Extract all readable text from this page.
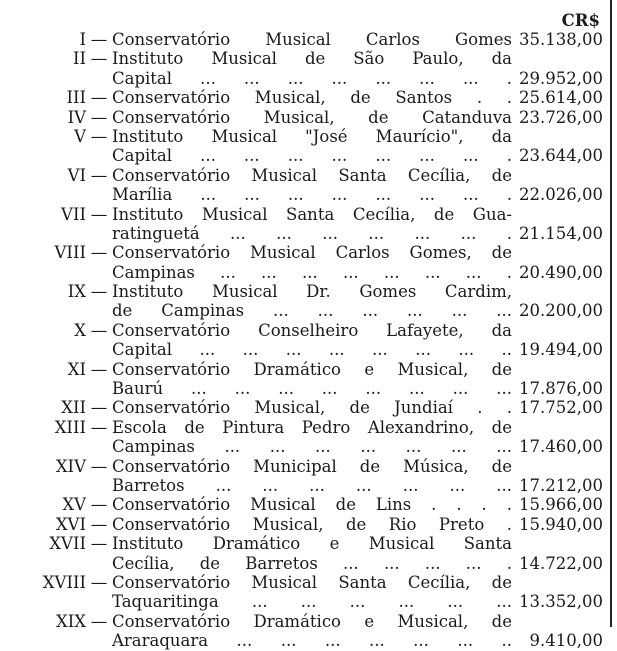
CR$
I — Conservatório Musical Carlos Gomes 35.138,00
II — Instituto Musical de São Paulo, da
Capital ... ... ... ... ... ... ... . 29.952,00
III — Conservatório Musical, de Santos . . 25.614,00
IV — Conservatório Musical, de Catanduva 23.726,00
V — Instituto Musical "José Maurício", da
Capital ... ... ... ... ... ... ... . 23.644,00
VI — Conservatório Musical Santa Cecília, de
Marília ... ... ... ... ... ... ... . 22.026,00
VII — Instituto Musical Santa Cecília, de Gua-
ratinguetá ... ... ... ... ... ... . 21.154,00
VIII — Conservatório Musical Carlos Gomes, de
Campinas ... ... ... ... ... ... ... . 20.490,00
IX — Instituto Musical Dr. Gomes Cardim,
de Campinas ... ... ... ... ... ... 20.200,00
X — Conservatório Conselheiro Lafayete, da
Capital ... ... ... ... ... ... ... .. 19.494,00
XI — Conservatório Dramático e Musical, de
Baurú ... ... ... ... ... ... ... ... 17.876,00
XII — Conservatório Musical, de Jundiaí . . 17.752,00
XIII — Escola de Pintura Pedro Alexandrino, de
Campinas ... ... ... ... ... ... ... 17.460,00
XIV — Conservatório Municipal de Música, de
Barretos ... ... ... ... ... ... ... 17.212,00
XV — Conservatório Musical de Lins . . . . 15.966,00
XVI — Conservatório Musical, de Rio Preto . 15.940,00
XVII — Instituto Dramático e Musical Santa
Cecília, de Barretos ... ... ... ... . 14.722,00
XVIII — Conservatório Musical Santa Cecília, de
Taquaritinga ... ... ... ... ... ... 13.352,00
XIX — Conservatório Dramático e Musical, de
Araraquara ... ... ... ... ... ... ..	9.410,00
